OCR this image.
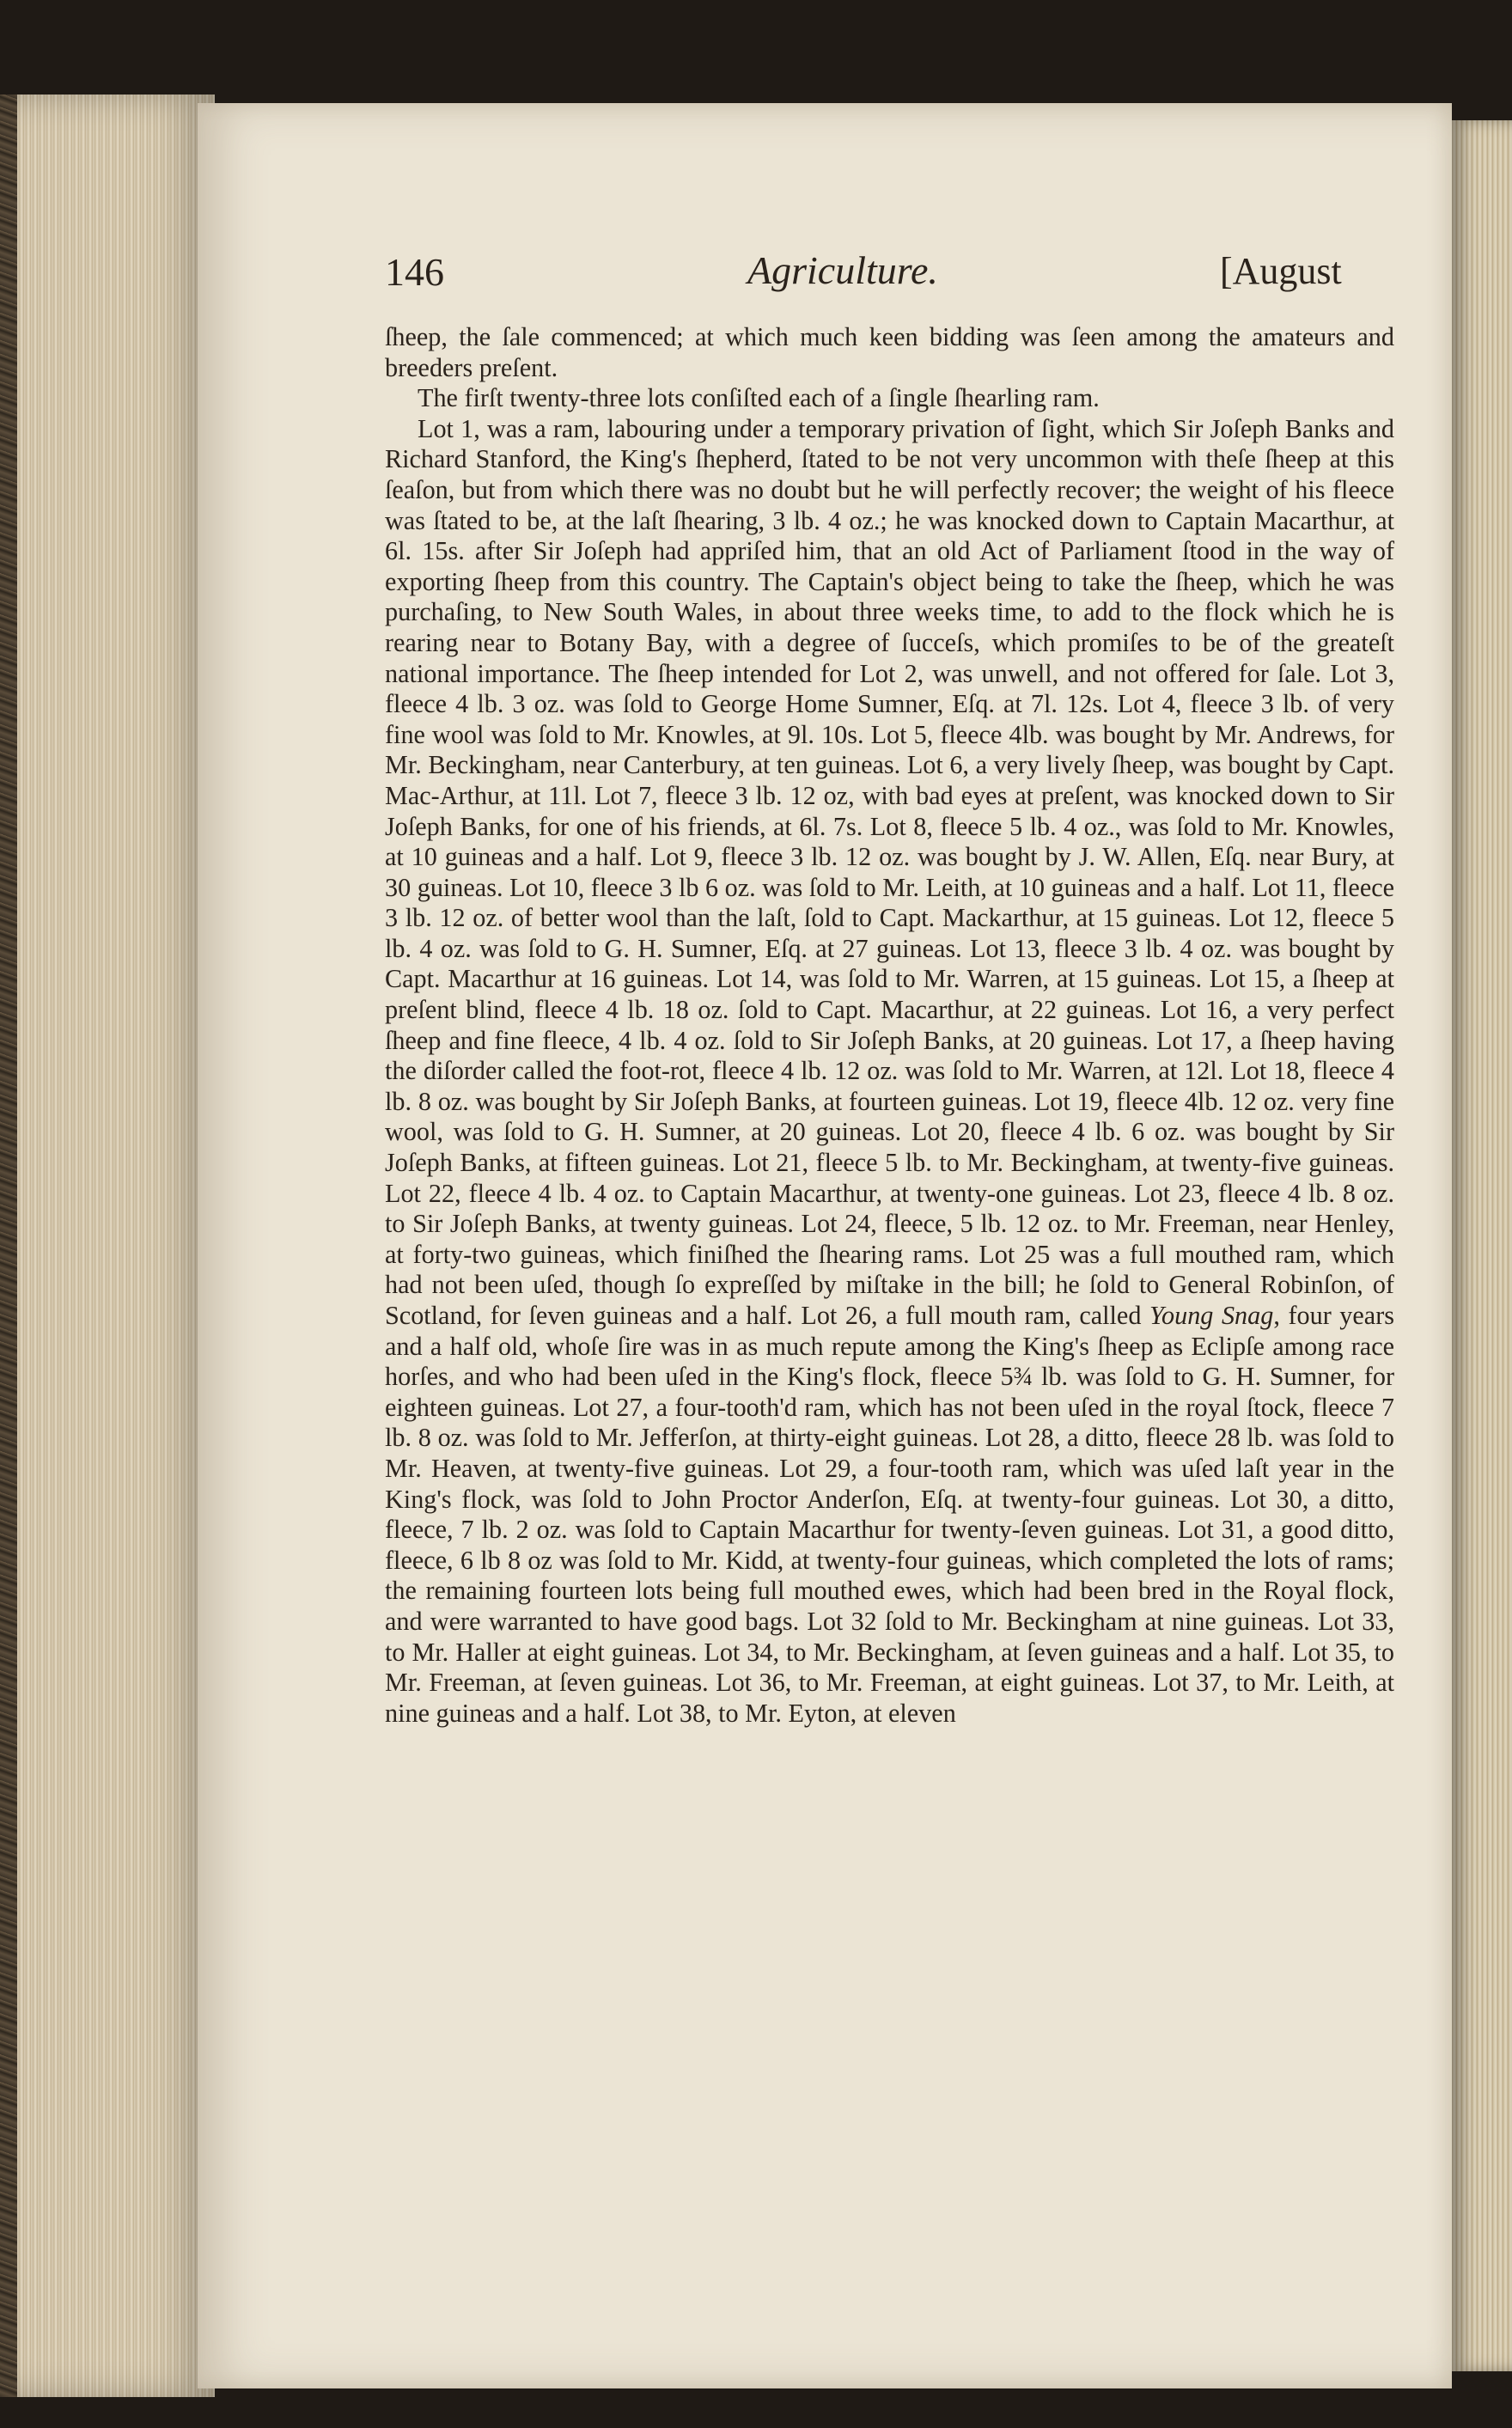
146	Agriculture.	[August

ſheep, the ſale commenced; at which much keen bidding was ſeen among the amateurs and breeders preſent.

The firſt twenty-three lots conſiſted each of a ſingle ſhearling ram.

Lot 1, was a ram, labouring under a temporary privation of ſight, which Sir Joſeph Banks and Richard Stanford, the King's ſhepherd, ſtated to be not very uncommon with theſe ſheep at this ſeaſon, but from which there was no doubt but he will perfectly recover; the weight of his fleece was ſtated to be, at the laſt ſhearing, 3 lb. 4 oz.; he was knocked down to Captain Macarthur, at 6l. 15s. after Sir Joſeph had appriſed him, that an old Act of Parliament ſtood in the way of exporting ſheep from this country. The Captain's object being to take the ſheep, which he was purchaſing, to New South Wales, in about three weeks time, to add to the flock which he is rearing near to Botany Bay, with a degree of ſucceſs, which promiſes to be of the greateſt national importance. The ſheep intended for Lot 2, was unwell, and not offered for ſale. Lot 3, fleece 4 lb. 3 oz. was ſold to George Home Sumner, Eſq. at 7l. 12s. Lot 4, fleece 3 lb. of very fine wool was ſold to Mr. Knowles, at 9l. 10s. Lot 5, fleece 4lb. was bought by Mr. Andrews, for Mr. Beckingham, near Canterbury, at ten guineas. Lot 6, a very lively ſheep, was bought by Capt. Mac-Arthur, at 11l. Lot 7, fleece 3 lb. 12 oz, with bad eyes at preſent, was knocked down to Sir Joſeph Banks, for one of his friends, at 6l. 7s. Lot 8, fleece 5 lb. 4 oz., was ſold to Mr. Knowles, at 10 guineas and a half. Lot 9, fleece 3 lb. 12 oz. was bought by J. W. Allen, Eſq. near Bury, at 30 guineas. Lot 10, fleece 3 lb 6 oz. was ſold to Mr. Leith, at 10 guineas and a half. Lot 11, fleece 3 lb. 12 oz. of better wool than the laſt, ſold to Capt. Mackarthur, at 15 guineas. Lot 12, fleece 5 lb. 4 oz. was ſold to G. H. Sumner, Eſq. at 27 guineas. Lot 13, fleece 3 lb. 4 oz. was bought by Capt. Macarthur at 16 guineas. Lot 14, was ſold to Mr. Warren, at 15 guineas. Lot 15, a ſheep at preſent blind, fleece 4 lb. 18 oz. ſold to Capt. Macarthur, at 22 guineas. Lot 16, a very perfect ſheep and fine fleece, 4 lb. 4 oz. ſold to Sir Joſeph Banks, at 20 guineas. Lot 17, a ſheep having the diſorder called the foot-rot, fleece 4 lb. 12 oz. was ſold to Mr. Warren, at 12l. Lot 18, fleece 4 lb. 8 oz. was bought by Sir Joſeph Banks, at fourteen guineas. Lot 19, fleece 4lb. 12 oz. very fine wool, was ſold to G. H. Sumner, at 20 guineas. Lot 20, fleece 4 lb. 6 oz. was bought by Sir Joſeph Banks, at fifteen guineas. Lot 21, fleece 5 lb. to Mr. Beckingham, at twenty-five guineas. Lot 22, fleece 4 lb. 4 oz. to Captain Macarthur, at twenty-one guineas. Lot 23, fleece 4 lb. 8 oz. to Sir Joſeph Banks, at twenty guineas. Lot 24, fleece, 5 lb. 12 oz. to Mr. Freeman, near Henley, at forty-two guineas, which finiſhed the ſhearing rams. Lot 25 was a full mouthed ram, which had not been uſed, though ſo expreſſed by miſtake in the bill; he ſold to General Robinſon, of Scotland, for ſeven guineas and a half. Lot 26, a full mouth ram, called Young Snag, four years and a half old, whoſe ſire was in as much repute among the King's ſheep as Eclipſe among race horſes, and who had been uſed in the King's flock, fleece 5¾ lb. was ſold to G. H. Sumner, for eighteen guineas. Lot 27, a four-tooth'd ram, which has not been uſed in the royal ſtock, fleece 7 lb. 8 oz. was ſold to Mr. Jefferſon, at thirty-eight guineas. Lot 28, a ditto, fleece 28 lb. was ſold to Mr. Heaven, at twenty-five guineas. Lot 29, a four-tooth ram, which was uſed laſt year in the King's flock, was ſold to John Proctor Anderſon, Eſq. at twenty-four guineas. Lot 30, a ditto, fleece, 7 lb. 2 oz. was ſold to Captain Macarthur for twenty-ſeven guineas. Lot 31, a good ditto, fleece, 6 lb 8 oz was ſold to Mr. Kidd, at twenty-four guineas, which completed the lots of rams; the remaining fourteen lots being full mouthed ewes, which had been bred in the Royal flock, and were warranted to have good bags. Lot 32 ſold to Mr. Beckingham at nine guineas. Lot 33, to Mr. Haller at eight guineas. Lot 34, to Mr. Beckingham, at ſeven guineas and a half. Lot 35, to Mr. Freeman, at ſeven guineas. Lot 36, to Mr. Freeman, at eight guineas. Lot 37, to Mr. Leith, at nine guineas and a half. Lot 38, to Mr. Eyton, at eleven
